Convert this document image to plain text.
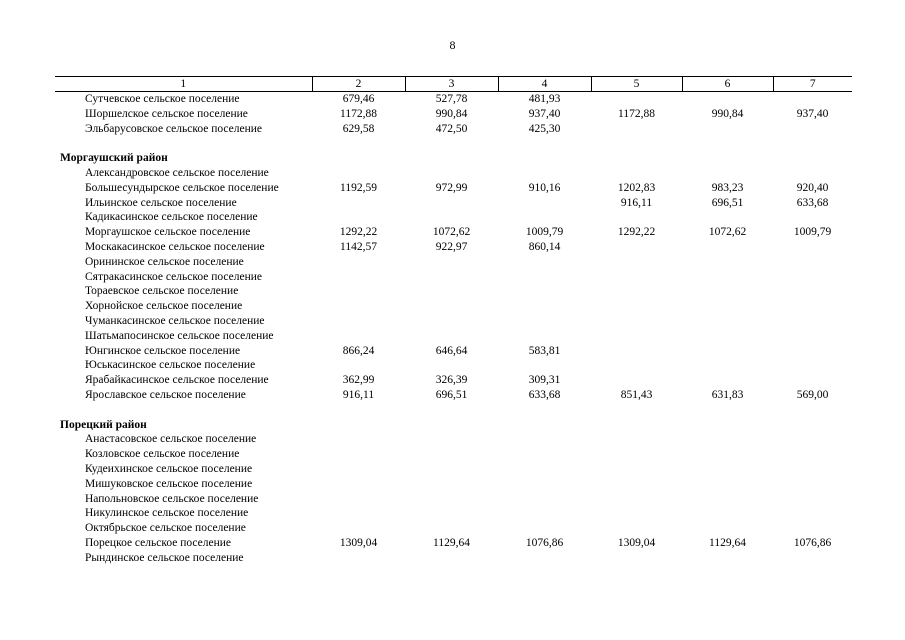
8
1	2	3	4	5	6	7
Сутчевское сельское поселение	679,46	527,78	481,93			
Шоршелское сельское поселение	1172,88	990,84	937,40	1172,88	990,84	937,40
Эльбарусовское сельское поселение	629,58	472,50	425,30			

Моргаушский район						
Александровское сельское поселение						
Большесундырское сельское поселение	1192,59	972,99	910,16	1202,83	983,23	920,40
Ильинское сельское поселение				916,11	696,51	633,68
Кадикасинское сельское поселение						
Моргаушское сельское поселение	1292,22	1072,62	1009,79	1292,22	1072,62	1009,79
Москакасинское сельское поселение	1142,57	922,97	860,14			
Орининское сельское поселение						
Сятракасинское сельское поселение						
Тораевское сельское поселение						
Хорнойское сельское поселение						
Чуманкасинское сельское поселение						
Шатьмапосинское сельское поселение						
Юнгинское сельское поселение	866,24	646,64	583,81			
Юськасинское сельское поселение						
Ярабайкасинское сельское поселение	362,99	326,39	309,31			
Ярославское сельское поселение	916,11	696,51	633,68	851,43	631,83	569,00

Порецкий район						
Анастасовское сельское поселение						
Козловское сельское поселение						
Кудеихинское сельское поселение						
Мишуковское сельское поселение						
Напольновское сельское поселение						
Никулинское сельское поселение						
Октябрьское сельское поселение						
Порецкое сельское поселение	1309,04	1129,64	1076,86	1309,04	1129,64	1076,86
Рындинское сельское поселение						
